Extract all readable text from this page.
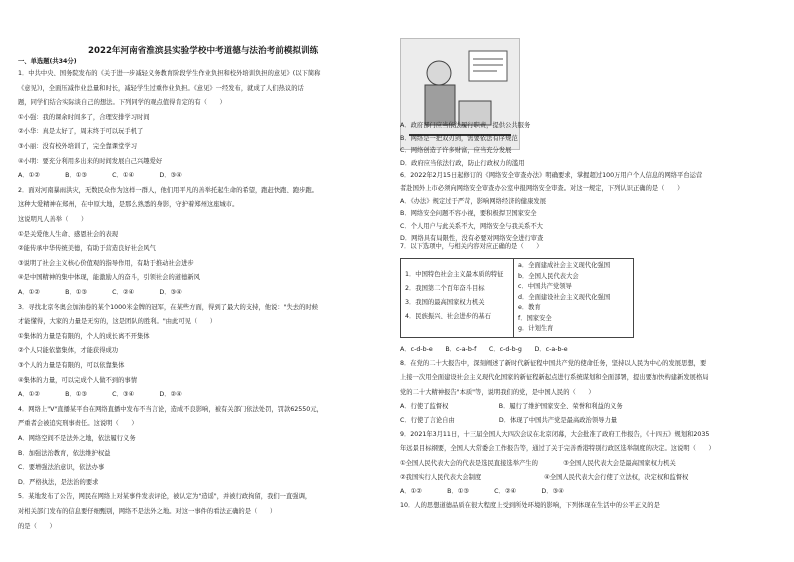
2022年河南省淮滨县实验学校中考道德与法治考前模拟训练
一、单选题(共34分)
1．中共中央、国务院发布的《关于进一步减轻义务教育阶段学生作业负担和校外培训负担的意见》(以下简称
《意见》)，全面压减作业总量和时长，减轻学生过重作业负担。《意见》一经发布，就成了人们热议的话
题，同学们结合实际谈自己的想法。下列同学的观点值得肯定的有（　　）
①小强：我的课余时间多了，合理安排学习时间
②小华：真是太好了，周末终于可以玩手机了
③小丽：没有校外培训了，完全靠课堂学习
④小明：要充分利用多出来的时间发展自己兴趣爱好
A．①②　　　　B．①③　　　　C．①④　　　　D．③④
2．面对河南暴雨洪灾，无数民众作为这样一群人，他们用平凡的善举托起生命的希望，跑赶快跑、跑步跑。
这种大爱精神在郑州，在中原大地，是那么熟悉的身影，守护着郑州这座城市。
这说明凡人善举（　　）
①是关爱他人生命、感恩社会的表现
②能传承中华传统美德，有助于营造良好社会风气
③说明了社会主义核心价值观的指导作用，有助于推动社会进步
④是中国精神的集中体现，能激励人的奋斗，引领社会的道德新风
A．①②　　　　B．①③　　　　C．②④　　　　D．③④
3．寻找北京冬奥会加油卷的某个1000米金牌的冠军，在某些方面，得到了最大的支持，他说："失去的时候
才能懂得，大家的力量是无穷的，这是团队的胜利。"由此可见（　　）
①集体的力量是有限的，个人的成长离不开集体
②个人只能依靠集体，才能获得成功
③个人的力量是有限的，可以依靠集体
④集体的力量，可以完成个人做不到的事情
A．①②　　　　B．①③　　　　C．③④　　　　D．②④
4．网络上"V"直播某平台在网络直播中发布不当言论，造成不良影响，被有关部门依法处罚，罚款62550元，
严重者会被追究刑事责任。这说明（　　）
A．网络空间不是法外之地，依法履行义务
B．加强法治教育，依法维护权益
C．要增强法治意识，依法办事
D．严格执法，是法治的要求
5．某地发布了公告，网民在网络上对某事件发表评论，被认定为"造谣"，并被行政拘留，我们一直强调，
对相关部门发布的信息要仔细甄别，网络不是法外之地。对这一事件的看法正确的是（　　）
的是（　　）
A．政府部门应当依法履行职责，提供公共服务
B．网络是一把双刃剑，需要依法有序规范
C．网络创造了许多财富，应当充分发展
D．政府应当依法行政，防止行政权力的滥用
6．2022年2月15日起修订的《网络安全审查办法》明确要求，掌握超过100万用户个人信息的网络平台运营
者赴国外上市必须向网络安全审查办公室申报网络安全审查。对这一规定，下列认识正确的是（　　）
A．《办法》规定过于严苛，影响网络经济的健康发展
B．网络安全问题不容小视，要积极捍卫国家安全
C．个人用户与此关系不大，网络安全与我关系不大
D．网络具有局限性，没有必要对网络安全进行审查
7．以下选项中，与相关内容对应正确的是（　　）
A．c-d-b-e　　B．c-a-b-f　　C．c-d-b-g　　D．c-a-b-e
8．在党的二十大报告中，深刻阐述了新时代新征程中国共产党的使命任务，坚持以人民为中心的发展思想，要
上接一次用全面建设社会主义现代化国家的新征程新起点进行系统谋划和全面部署，提出要加快构建新发展格局
党的二十大精神报告"本质"等，说明我们的党，是中国人民的（　　）
A．行使了监督权　　　　　　　　B．履行了维护国家安全、荣誉和利益的义务
C．行使了言论自由　　　　　　　D．体现了中国共产党是最高政治领导力量
9．2021年3月11日，十三届全国人大四次会议在北京闭幕，大会批准了政府工作报告，《十四五》规划和2035
年远景目标纲要，全国人大常委会工作报告等，通过了关于完善香港特别行政区选举制度的决定。这说明（　　）
①全国人民代表大会的代表是选民直接选举产生的　　　　③全国人民代表大会是最高国家权力机关
②我国实行人民代表大会制度　　　　　　　　　　④全国人民代表大会行使了立法权，决定权和监督权
A．①②　　　　B．①③　　　　C．②④　　　　D．③④
10．人的思想道德品质在很大程度上受到所处环境的影响，下列体现在生活中的公平正义的是
1．中国特色社会主义最本质的特征
2．我国第二个百年奋斗目标
3．我国的最高国家权力机关
4．民族振兴、社会进步的基石
a．全面建成社会主义现代化强国
b．全国人民代表大会
c．中国共产党领导
d．全面建设社会主义现代化强国
e．教育
f．国家安全
g．计划生育
